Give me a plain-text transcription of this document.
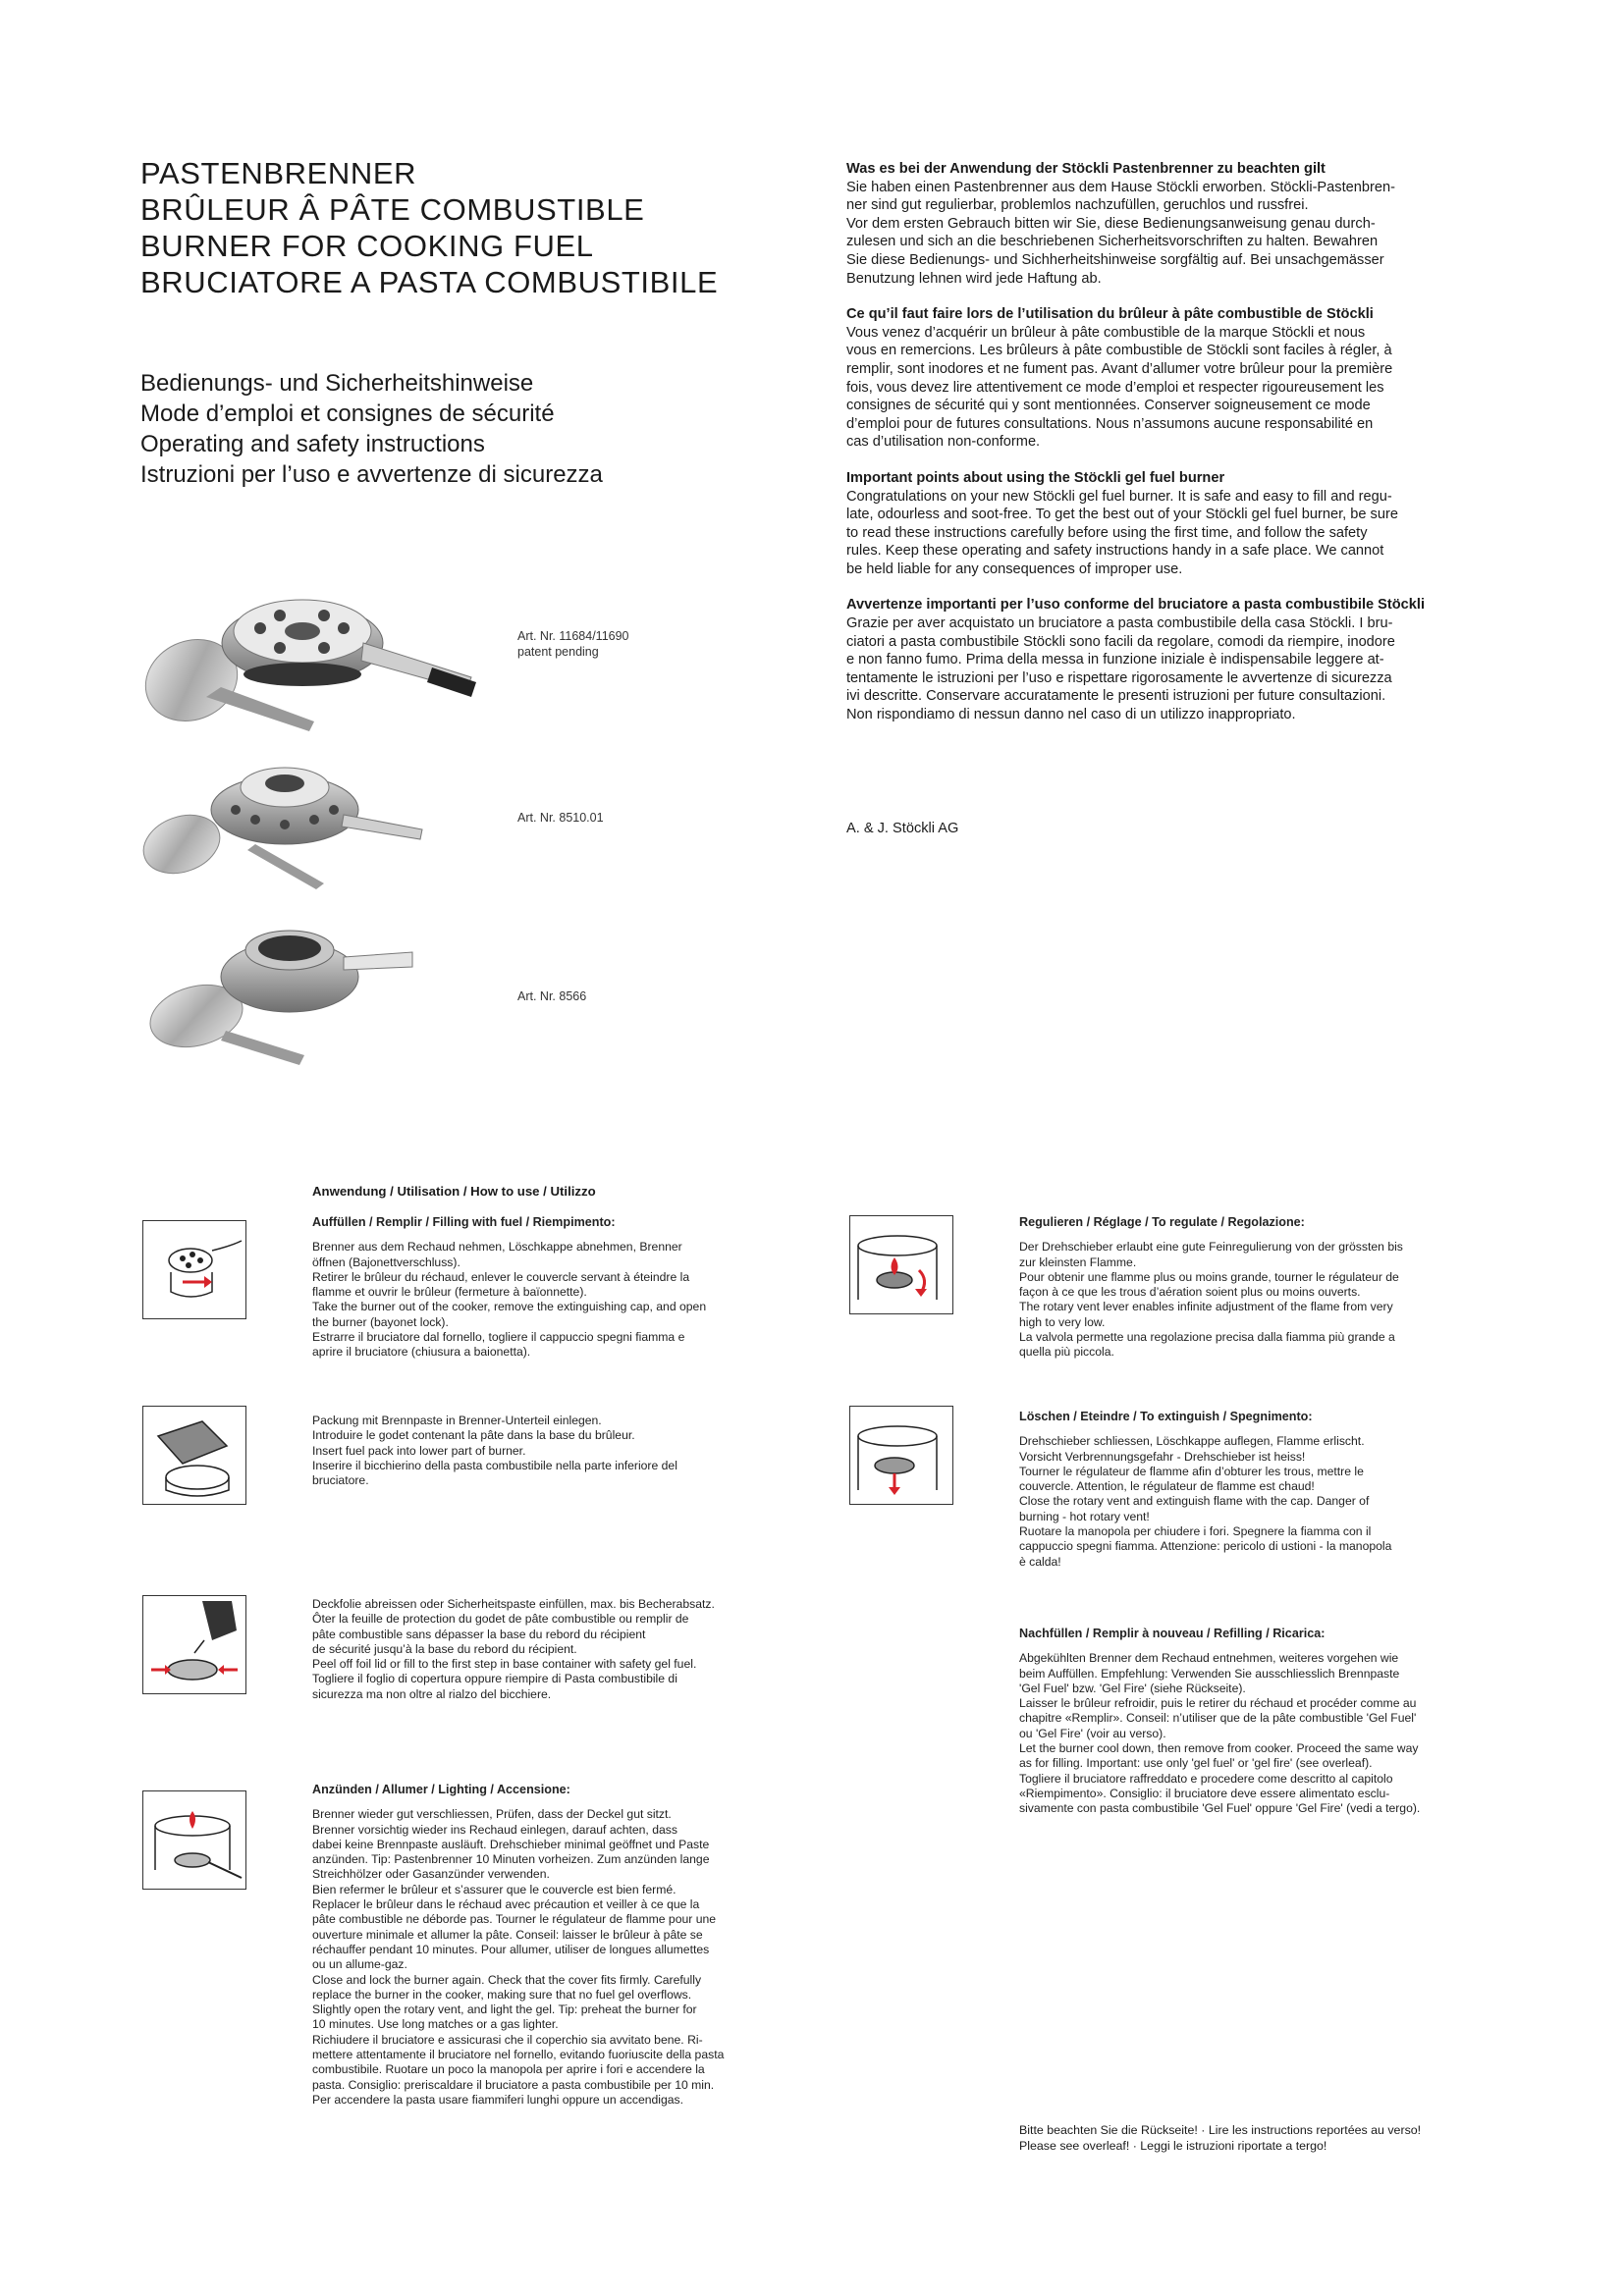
PASTENBRENNER
BRÛLEUR Â PÂTE COMBUSTIBLE
BURNER FOR COOKING FUEL
BRUCIATORE A PASTA COMBUSTIBILE
Bedienungs- und Sicherheitshinweise
Mode d’emploi et consignes de sécurité
Operating and safety instructions
Istruzioni per l’uso e avvertenze di sicurezza
Was es bei der Anwendung der Stöckli Pastenbrenner zu beachten gilt

Sie haben einen Pastenbrenner aus dem Hause Stöckli erworben. Stöckli-Pastenbren-

ner sind gut regulierbar, problemlos nachzufüllen, geruchlos und russfrei.

Vor dem ersten Gebrauch bitten wir Sie, diese Bedienungsanweisung genau durch-

zulesen und sich an die beschriebenen Sicherheitsvorschriften zu halten. Bewahren

Sie diese Bedienungs- und Sichherheitshinweise sorgfältig auf. Bei unsachgemässer

Benutzung lehnen wird jede Haftung ab.

Ce qu’il faut faire lors de l’utilisation du brûleur à pâte combustible de Stöckli

Vous venez d’acquérir un brûleur à pâte combustible de la marque Stöckli et nous

vous en remercions. Les brûleurs à pâte combustible de Stöckli sont faciles à régler, à

remplir, sont inodores et ne fument pas. Avant d’allumer votre brûleur pour la première

fois, vous devez lire attentivement ce mode d’emploi et respecter rigoureusement les

consignes de sécurité qui y sont mentionnées. Conserver soigneusement ce mode

d’emploi pour de futures consultations. Nous n’assumons aucune responsabilité en

cas d’utilisation non-conforme.

Important points about using the Stöckli gel fuel burner

Congratulations on your new Stöckli gel fuel burner. It is safe and easy to fill and regu-

late, odourless and soot-free. To get the best out of your Stöckli gel fuel burner, be sure

to read these instructions carefully before using the first time, and follow the safety

rules. Keep these operating and safety instructions handy in a safe place. We cannot

be held liable for any consequences of improper use.

Avvertenze importanti per l’uso conforme del bruciatore a pasta combustibile Stöckli

Grazie per aver acquistato un bruciatore a pasta combustibile della casa Stöckli. I bru-

ciatori a pasta combustibile Stöckli sono facili da regolare, comodi da riempire, inodore

e non fanno fumo. Prima della messa in funzione iniziale è indispensabile leggere at-

tentamente le istruzioni per l’uso e rispettare rigorosamente le avvertenze di sicurezza

ivi descritte. Conservare accuratamente le presenti istruzioni per future consultazioni.

Non rispondiamo di nessun danno nel caso di un utilizzo inappropriato.

A. & J. Stöckli AG
Art. Nr. 11684/11690
patent pending
Art. Nr. 8510.01
Art. Nr. 8566
Anwendung / Utilisation / How to use / Utilizzo
Auffüllen / Remplir / Filling with fuel / Riempimento:

Brenner aus dem Rechaud nehmen, Löschkappe abnehmen, Brenner

öffnen (Bajonettverschluss).

Retirer le brûleur du réchaud, enlever le couvercle servant à éteindre la

flamme et ouvrir le brûleur (fermeture à baïonnette).

Take the burner out of the cooker, remove the extinguishing cap, and open

the burner (bayonet lock).

Estrarre il bruciatore dal fornello, togliere il cappuccio spegni fiamma e

aprire il bruciatore (chiusura a baionetta).

Packung mit Brennpaste in Brenner-Unterteil einlegen.

Introduire le godet contenant la pâte dans la base du brûleur.

Insert fuel pack into lower part of burner.

Inserire il bicchierino della pasta combustibile nella parte inferiore del

bruciatore.

Deckfolie abreissen oder Sicherheitspaste einfüllen, max. bis Becherabsatz.

Ôter la feuille de protection du godet de pâte combustible ou remplir de

pâte combustible sans dépasser la base du rebord du récipient

de sécurité jusqu’à la base du rebord du récipient.

Peel off foil lid or fill to the first step in base container with safety gel fuel.

Togliere il foglio di copertura oppure riempire di Pasta combustibile di

sicurezza ma non oltre al rialzo del bicchiere.

Anzünden / Allumer / Lighting / Accensione:

Brenner wieder gut verschliessen, Prüfen, dass der Deckel gut sitzt.

Brenner vorsichtig wieder ins Rechaud einlegen, darauf achten, dass

dabei keine Brennpaste ausläuft. Drehschieber minimal geöffnet und Paste

anzünden. Tip: Pastenbrenner 10 Minuten vorheizen. Zum anzünden lange

Streichhölzer oder Gasanzünder verwenden.

Bien refermer le brûleur et s’assurer que le couvercle est bien fermé.

Replacer le brûleur dans le réchaud avec précaution et veiller à ce que la

pâte combustible ne déborde pas. Tourner le régulateur de flamme pour une

ouverture minimale et allumer la pâte. Conseil: laisser le brûleur à pâte se

réchauffer pendant 10 minutes. Pour allumer, utiliser de longues allumettes

ou un allume-gaz.

Close and lock the burner again. Check that the cover fits firmly. Carefully

replace the burner in the cooker, making sure that no fuel gel overflows.

Slightly open the rotary vent, and light the gel. Tip: preheat the burner for

10 minutes. Use long matches or a gas lighter.

Richiudere il bruciatore e assicurasi che il coperchio sia avvitato bene. Ri-

mettere attentamente il bruciatore nel fornello, evitando fuoriuscite della pasta

combustibile. Ruotare un poco la manopola per aprire i fori e accendere la

pasta. Consiglio: preriscaldare il bruciatore a pasta combustibile per 10 min.

Per accendere la pasta usare fiammiferi lunghi oppure un accendigas.

Regulieren / Réglage / To regulate / Regolazione:

Der Drehschieber erlaubt eine gute Feinregulierung von der grössten bis

zur kleinsten Flamme.

Pour obtenir une flamme plus ou moins grande, tourner le régulateur de

façon à ce que les trous d’aération soient plus ou moins ouverts.

The rotary vent lever enables infinite adjustment of the flame from very

high to very low.

La valvola permette una regolazione precisa dalla fiamma più grande a

quella più piccola.

Löschen / Eteindre / To extinguish / Spegnimento:

Drehschieber schliessen, Löschkappe auflegen, Flamme erlischt.

Vorsicht Verbrennungsgefahr - Drehschieber ist heiss!

Tourner le régulateur de flamme afin d’obturer les trous, mettre le

couvercle. Attention, le régulateur de flamme est chaud!

Close the rotary vent and extinguish flame with the cap. Danger of

burning - hot rotary vent!

Ruotare la manopola per chiudere i fori. Spegnere la fiamma con il

cappuccio spegni fiamma. Attenzione: pericolo di ustioni - la manopola

è calda!

Nachfüllen / Remplir à nouveau / Refilling / Ricarica:

Abgekühlten Brenner dem Rechaud entnehmen, weiteres vorgehen wie

beim Auffüllen. Empfehlung: Verwenden Sie ausschliesslich Brennpaste

'Gel Fuel' bzw. 'Gel Fire' (siehe Rückseite).

Laisser le brûleur refroidir, puis le retirer du réchaud et procéder comme au

chapitre «Remplir». Conseil: n’utiliser que de la pâte combustible 'Gel Fuel'

ou 'Gel Fire' (voir au verso).

Let the burner cool down, then remove from cooker. Proceed the same way

as for filling. Important: use only 'gel fuel' or 'gel fire' (see overleaf).

Togliere il bruciatore raffreddato e procedere come descritto al capitolo

«Riempimento». Consiglio: il bruciatore deve essere alimentato esclu-

sivamente con pasta combustibile 'Gel Fuel' oppure 'Gel Fire' (vedi a tergo).

Bitte beachten Sie die Rückseite! · Lire les instructions reportées au verso!
Please see overleaf! · Leggi le istruzioni riportate a tergo!
